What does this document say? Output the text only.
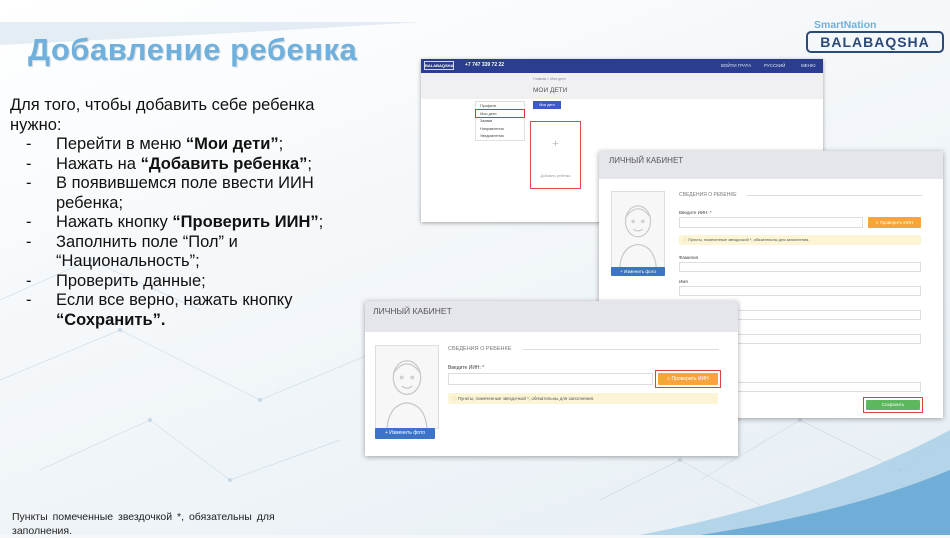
Добавление ребенка
SmartNation
BALABAQSHA
Для того, чтобы добавить себе ребенка нужно:
- Перейти в меню “Мои дети”;
- Нажать на “Добавить ребенка”;
- В появившемся поле ввести ИИН ребенка;
- Нажать кнопку “Проверить ИИН”;
- Заполнить поле “Пол” и “Национальность”;
- Проверить данные;
- Если все верно, нажать кнопку “Сохранить”.
Пункты помеченные звездочкой *, обязательны для заполнения.
BALABAQSHA +7 747 339 72 22	ВОЙТИ ГРАТА	РУССКИЙ	МЕНЮ
Главная > Мои дети
МОИ ДЕТИ
Профиль
Мои дети
Заявки
Направления
Уведомления
Мои дети
+
Добавить ребенка
ЛИЧНЫЙ КАБИНЕТ
+ Изменить фото
СВЕДЕНИЯ О РЕБЕНКЕ
Введите ИИН: *
⌕ Проверить ИИН
ⓘ Пункты, помеченные звездочкой *, обязательны для заполнения.
Фамилия
Имя
Сохранить
ЛИЧНЫЙ КАБИНЕТ
+ Изменить фото
СВЕДЕНИЯ О РЕБЕНКЕ
Введите ИИН: *
⌕ Проверить ИИН
ⓘ Пункты, помеченные звездочкой *, обязательны для заполнения.
